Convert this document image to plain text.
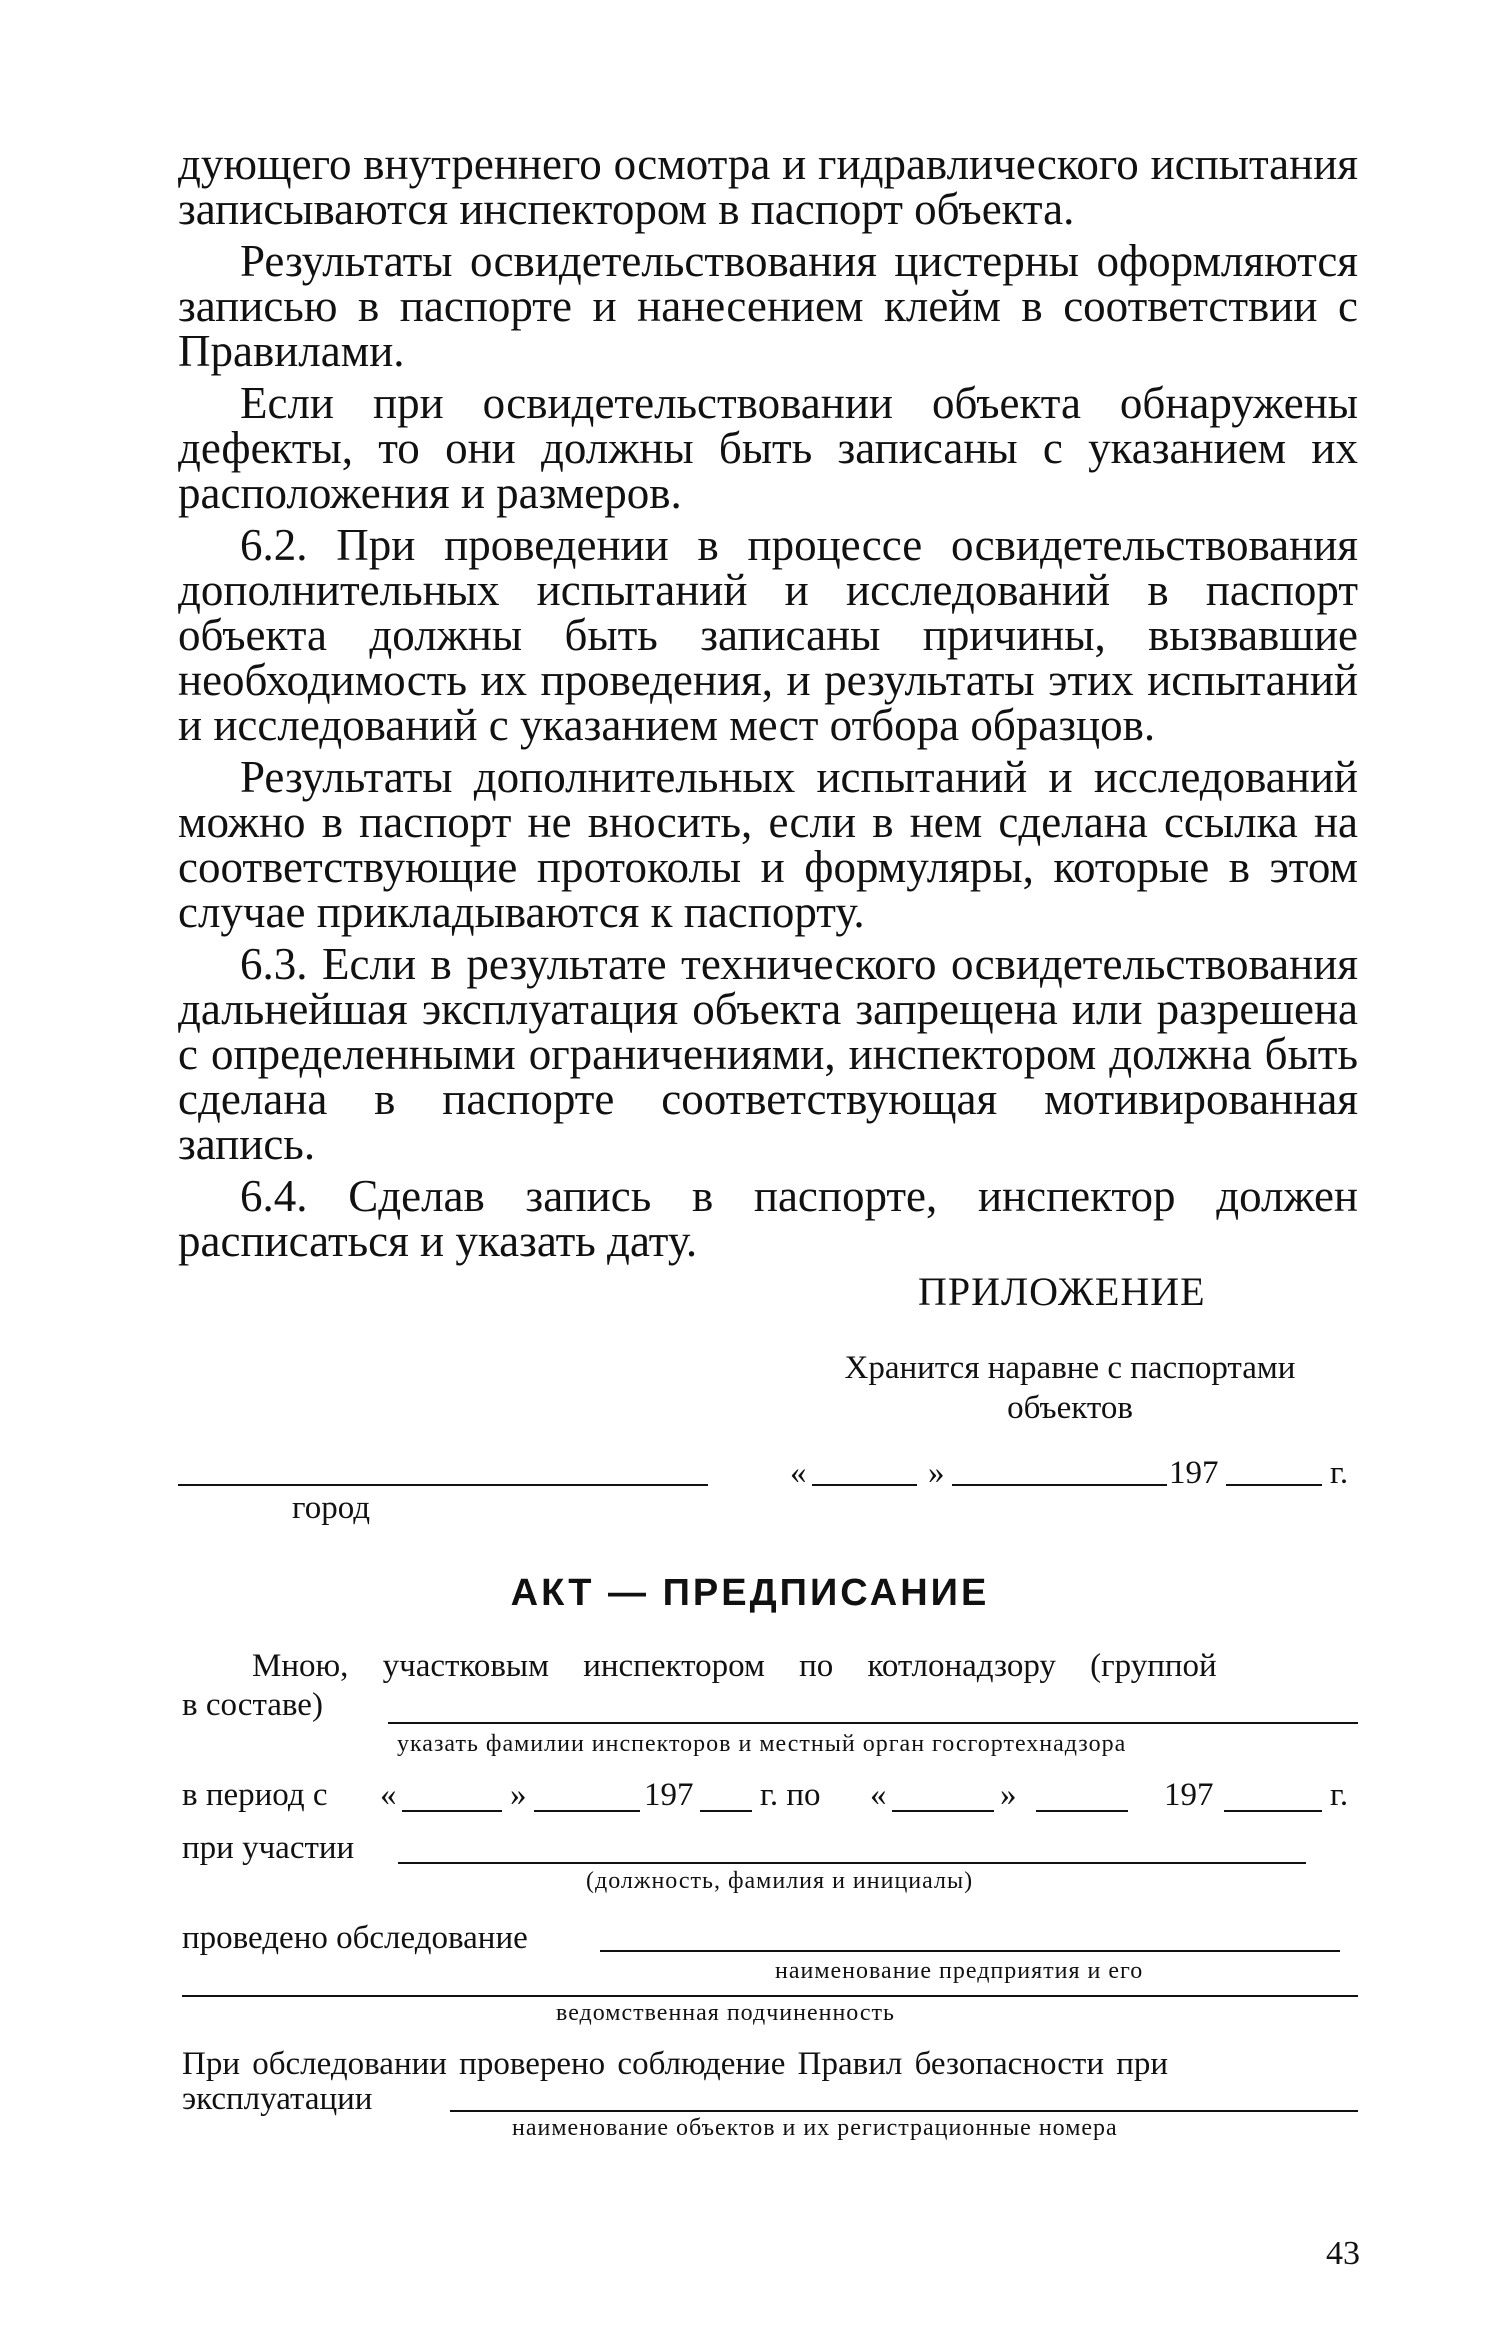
дующего внутреннего осмотра и гидравлического испытания записываются инспектором в паспорт объекта.

Результаты освидетельствования цистерны оформляются записью в паспорте и нанесением клейм в соответствии с Правилами.

Если при освидетельствовании объекта обнаружены дефекты, то они должны быть записаны с указанием их расположения и размеров.

6.2. При проведении в процессе освидетельствования дополнительных испытаний и исследований в паспорт объекта должны быть записаны причины, вызвавшие необходимость их проведения, и результаты этих испытаний и исследований с указанием мест отбора образцов.

Результаты дополнительных испытаний и исследований можно в паспорт не вносить, если в нем сделана ссылка на соответствующие протоколы и формуляры, которые в этом случае прикладываются к паспорту.

6.3. Если в результате технического освидетельствования дальнейшая эксплуатация объекта запрещена или разрешена с определенными ограничениями, инспектором должна быть сделана в паспорте соответствующая мотивированная запись.

6.4. Сделав запись в паспорте, инспектор должен расписаться и указать дату.

ПРИЛОЖЕНИЕ
Хранится наравне с паспортами объектов
город
«	»	197	г.
АКТ — ПРЕДПИСАНИЕ
Мною, участковым инспектором по котлонадзору (группой
в составе)
указать фамилии инспекторов и местный орган госгортехнадзора
в период с «	»	197 г. по «	»	197	г.
при участии
(должность, фамилия и инициалы)
проведено обследование
наименование предприятия и его
ведомственная подчиненность
При обследовании проверено соблюдение Правил безопасности при
эксплуатации
наименование объектов и их регистрационные номера
43
